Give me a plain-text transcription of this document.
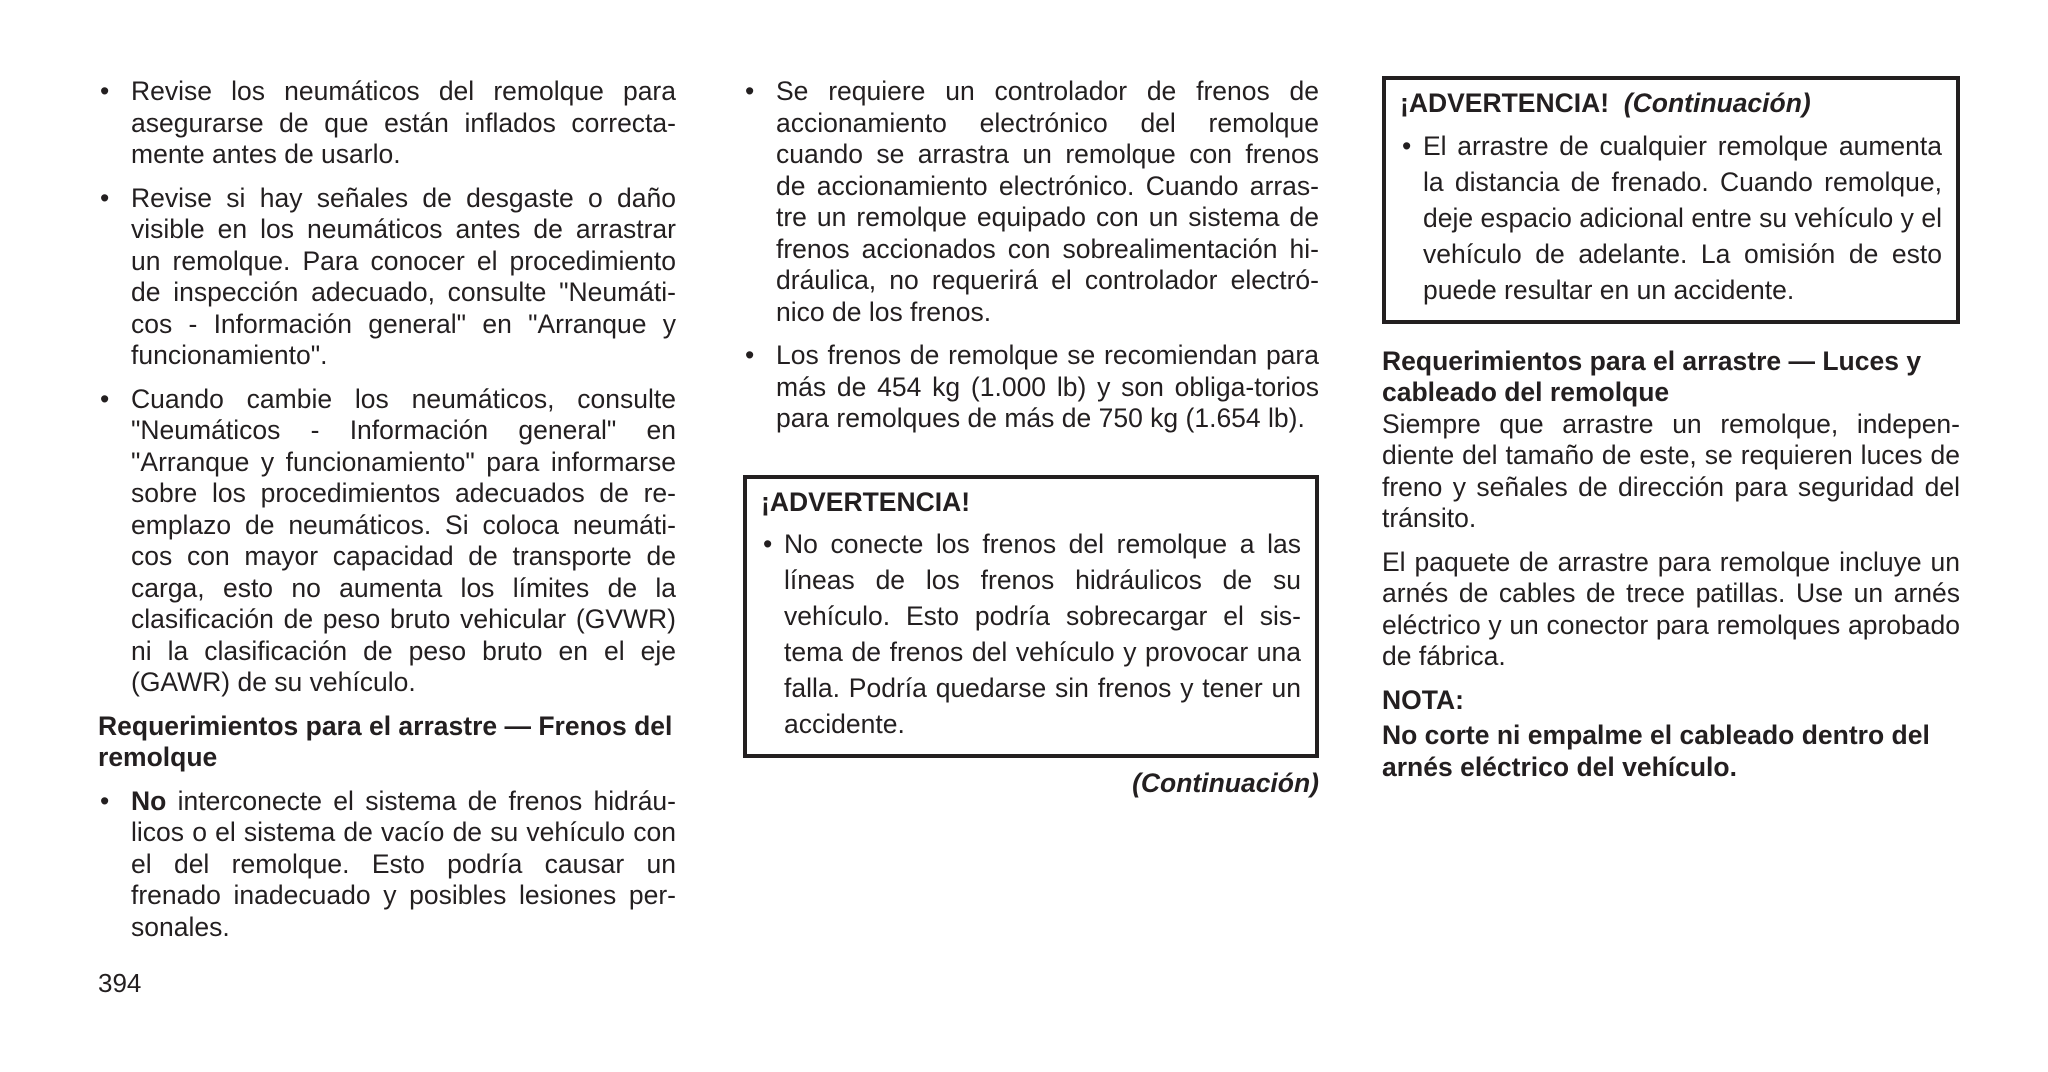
• Revise los neumáticos del remolque para asegurarse de que están inflados correcta-mente antes de usarlo.
• Revise si hay señales de desgaste o daño visible en los neumáticos antes de arrastrar un remolque. Para conocer el procedimiento de inspección adecuado, consulte "Neumáti-cos - Información general" en "Arranque y funcionamiento".
• Cuando cambie los neumáticos, consulte "Neumáticos - Información general" en "Arranque y funcionamiento" para informarse sobre los procedimientos adecuados de re-emplazo de neumáticos. Si coloca neumáti-cos con mayor capacidad de transporte de carga, esto no aumenta los límites de la clasificación de peso bruto vehicular (GVWR) ni la clasificación de peso bruto en el eje (GAWR) de su vehículo.
Requerimientos para el arrastre — Frenos del remolque
• No interconecte el sistema de frenos hidráu-licos o el sistema de vacío de su vehículo con el del remolque. Esto podría causar un frenado inadecuado y posibles lesiones per-sonales.
• Se requiere un controlador de frenos de accionamiento electrónico del remolque cuando se arrastra un remolque con frenos de accionamiento electrónico. Cuando arras-tre un remolque equipado con un sistema de frenos accionados con sobrealimentación hi-dráulica, no requerirá el controlador electró-nico de los frenos.
• Los frenos de remolque se recomiendan para más de 454 kg (1.000 lb) y son obliga-torios para remolques de más de 750 kg (1.654 lb).
¡ADVERTENCIA!
• No conecte los frenos del remolque a las líneas de los frenos hidráulicos de su vehículo. Esto podría sobrecargar el sis-tema de frenos del vehículo y provocar una falla. Podría quedarse sin frenos y tener un accidente.
(Continuación)
¡ADVERTENCIA! (Continuación)
• El arrastre de cualquier remolque aumenta la distancia de frenado. Cuando remolque, deje espacio adicional entre su vehículo y el vehículo de adelante. La omisión de esto puede resultar en un accidente.
Requerimientos para el arrastre — Luces y cableado del remolque
Siempre que arrastre un remolque, indepen-diente del tamaño de este, se requieren luces de freno y señales de dirección para seguridad del tránsito.
El paquete de arrastre para remolque incluye un arnés de cables de trece patillas. Use un arnés eléctrico y un conector para remolques aprobado de fábrica.
NOTA:
No corte ni empalme el cableado dentro del arnés eléctrico del vehículo.
394
